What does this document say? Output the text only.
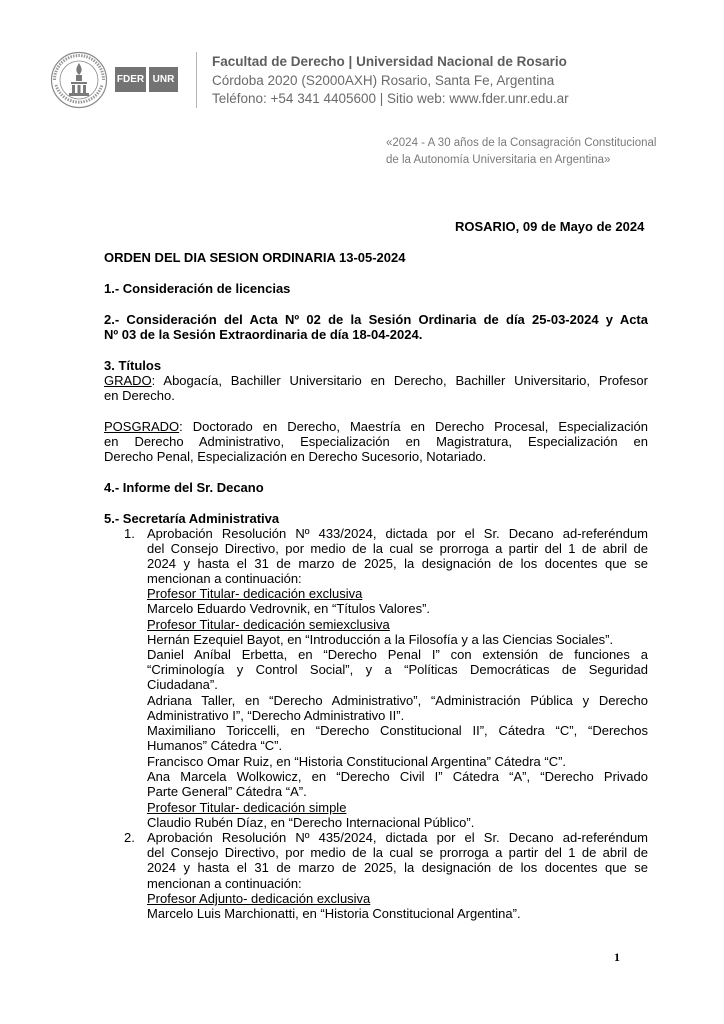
FDER UNR
Facultad de Derecho | Universidad Nacional de Rosario
Córdoba 2020 (S2000AXH) Rosario, Santa Fe, Argentina
Teléfono: +54 341 4405600 | Sitio web: www.fder.unr.edu.ar
«2024 - A 30 años de la Consagración Constitucional
de la Autonomía Universitaria en Argentina»
ROSARIO, 09 de Mayo de 2024
ORDEN DEL DIA SESION ORDINARIA 13-05-2024
1.- Consideración de licencias
2.- Consideración del Acta Nº 02 de la Sesión Ordinaria de día 25-03-2024 y Acta
Nº 03 de la Sesión Extraordinaria de día 18-04-2024.
3. Títulos
GRADO: Abogacía, Bachiller Universitario en Derecho, Bachiller Universitario, Profesor
en Derecho.
POSGRADO: Doctorado en Derecho, Maestría en Derecho Procesal, Especialización
en Derecho Administrativo, Especialización en Magistratura, Especialización en
Derecho Penal, Especialización en Derecho Sucesorio, Notariado.
4.- Informe del Sr. Decano
5.- Secretaría Administrativa
1. Aprobación Resolución Nº 433/2024, dictada por el Sr. Decano ad-referéndum
del Consejo Directivo, por medio de la cual se prorroga a partir del 1 de abril de
2024 y hasta el 31 de marzo de 2025, la designación de los docentes que se
mencionan a continuación:
Profesor Titular- dedicación exclusiva
Marcelo Eduardo Vedrovnik, en “Títulos Valores”.
Profesor Titular- dedicación semiexclusiva
Hernán Ezequiel Bayot, en “Introducción a la Filosofía y a las Ciencias Sociales”.
Daniel Aníbal Erbetta, en “Derecho Penal I” con extensión de funciones a
“Criminología y Control Social”, y a “Políticas Democráticas de Seguridad
Ciudadana”.
Adriana Taller, en “Derecho Administrativo”, “Administración Pública y Derecho
Administrativo I”, “Derecho Administrativo II”.
Maximiliano Toriccelli, en “Derecho Constitucional II”, Cátedra “C”, “Derechos
Humanos” Cátedra “C”.
Francisco Omar Ruiz, en “Historia Constitucional Argentina” Cátedra “C”.
Ana Marcela Wolkowicz, en “Derecho Civil I” Cátedra “A”, “Derecho Privado
Parte General” Cátedra “A”.
Profesor Titular- dedicación simple
Claudio Rubén Díaz, en “Derecho Internacional Público”.
2. Aprobación Resolución Nº 435/2024, dictada por el Sr. Decano ad-referéndum
del Consejo Directivo, por medio de la cual se prorroga a partir del 1 de abril de
2024 y hasta el 31 de marzo de 2025, la designación de los docentes que se
mencionan a continuación:
Profesor Adjunto- dedicación exclusiva
Marcelo Luis Marchionatti, en “Historia Constitucional Argentina”.
1
